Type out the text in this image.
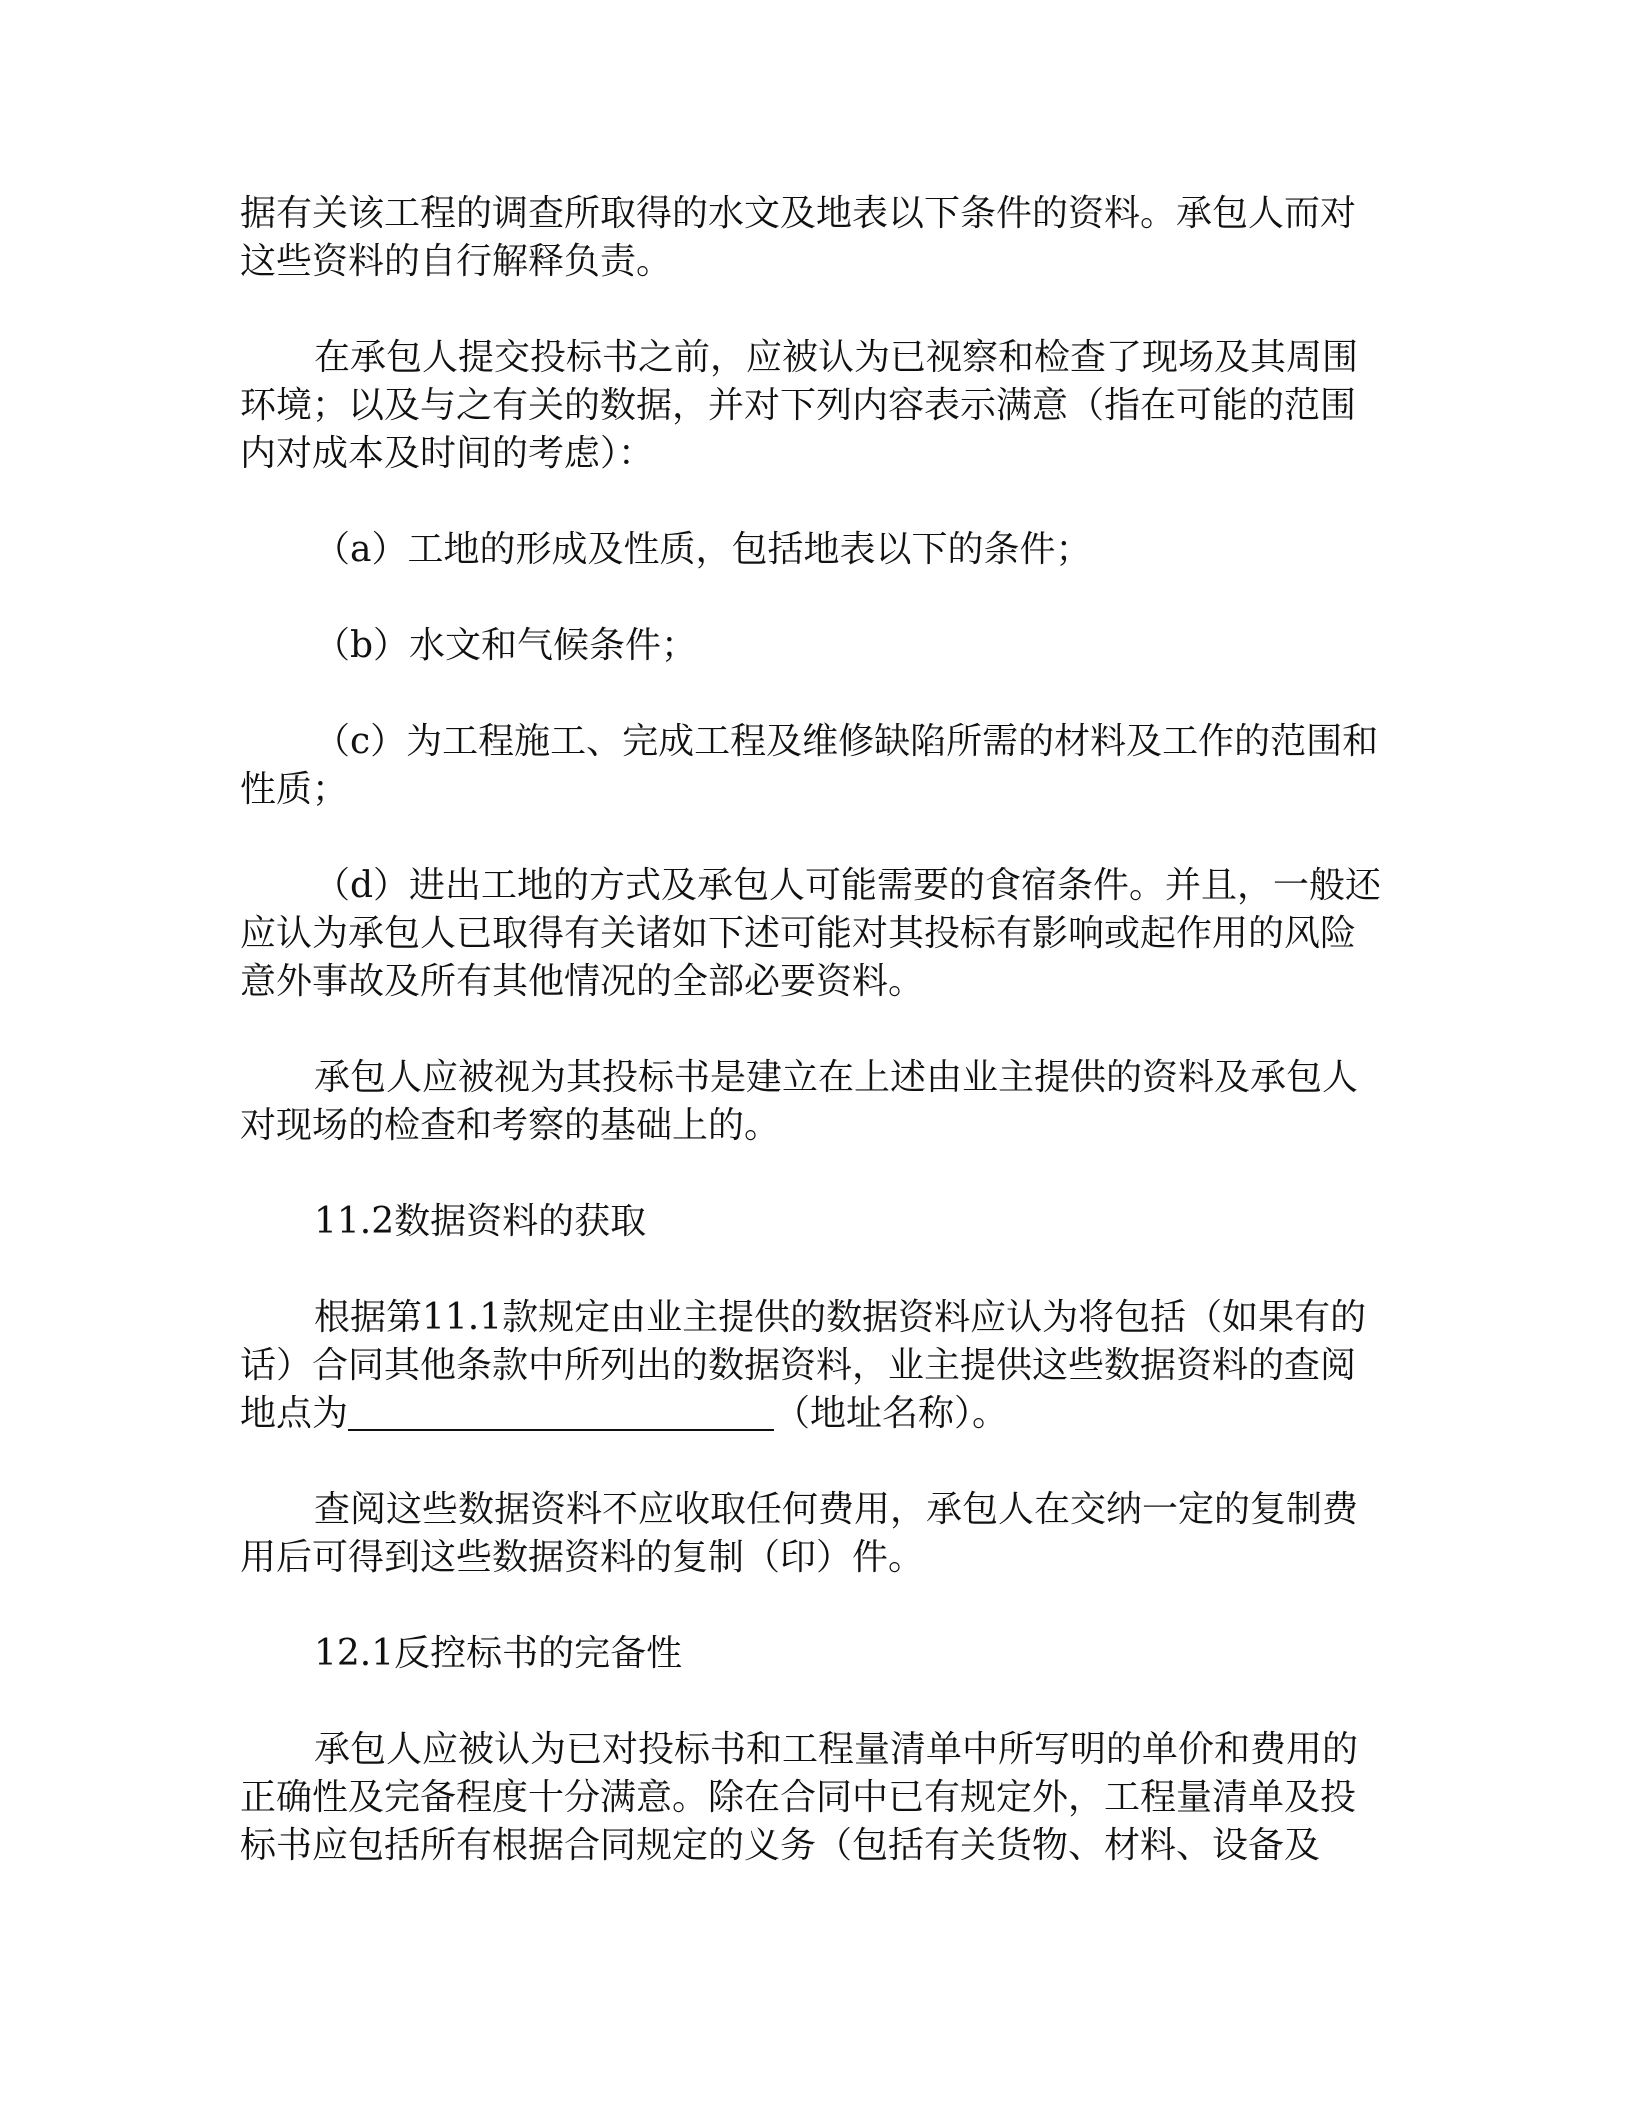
据有关该工程的调查所取得的水文及地表以下条件的资料。承包人而对这些资料的自行解释负责。

在承包人提交投标书之前，应被认为已视察和检查了现场及其周围环境；以及与之有关的数据，并对下列内容表示满意（指在可能的范围内对成本及时间的考虑）：

（a）工地的形成及性质，包括地表以下的条件；

（b）水文和气候条件；

（c）为工程施工、完成工程及维修缺陷所需的材料及工作的范围和性质；

（d）进出工地的方式及承包人可能需要的食宿条件。并且，一般还应认为承包人已取得有关诸如下述可能对其投标有影响或起作用的风险意外事故及所有其他情况的全部必要资料。

承包人应被视为其投标书是建立在上述由业主提供的资料及承包人对现场的检查和考察的基础上的。

11.2数据资料的获取

根据第11.1款规定由业主提供的数据资料应认为将包括（如果有的话）合同其他条款中所列出的数据资料，业主提供这些数据资料的查阅地点为	（地址名称）。

查阅这些数据资料不应收取任何费用，承包人在交纳一定的复制费用后可得到这些数据资料的复制（印）件。

12.1反控标书的完备性

承包人应被认为已对投标书和工程量清单中所写明的单价和费用的正确性及完备程度十分满意。除在合同中已有规定外，工程量清单及投标书应包括所有根据合同规定的义务（包括有关货物、材料、设备及
